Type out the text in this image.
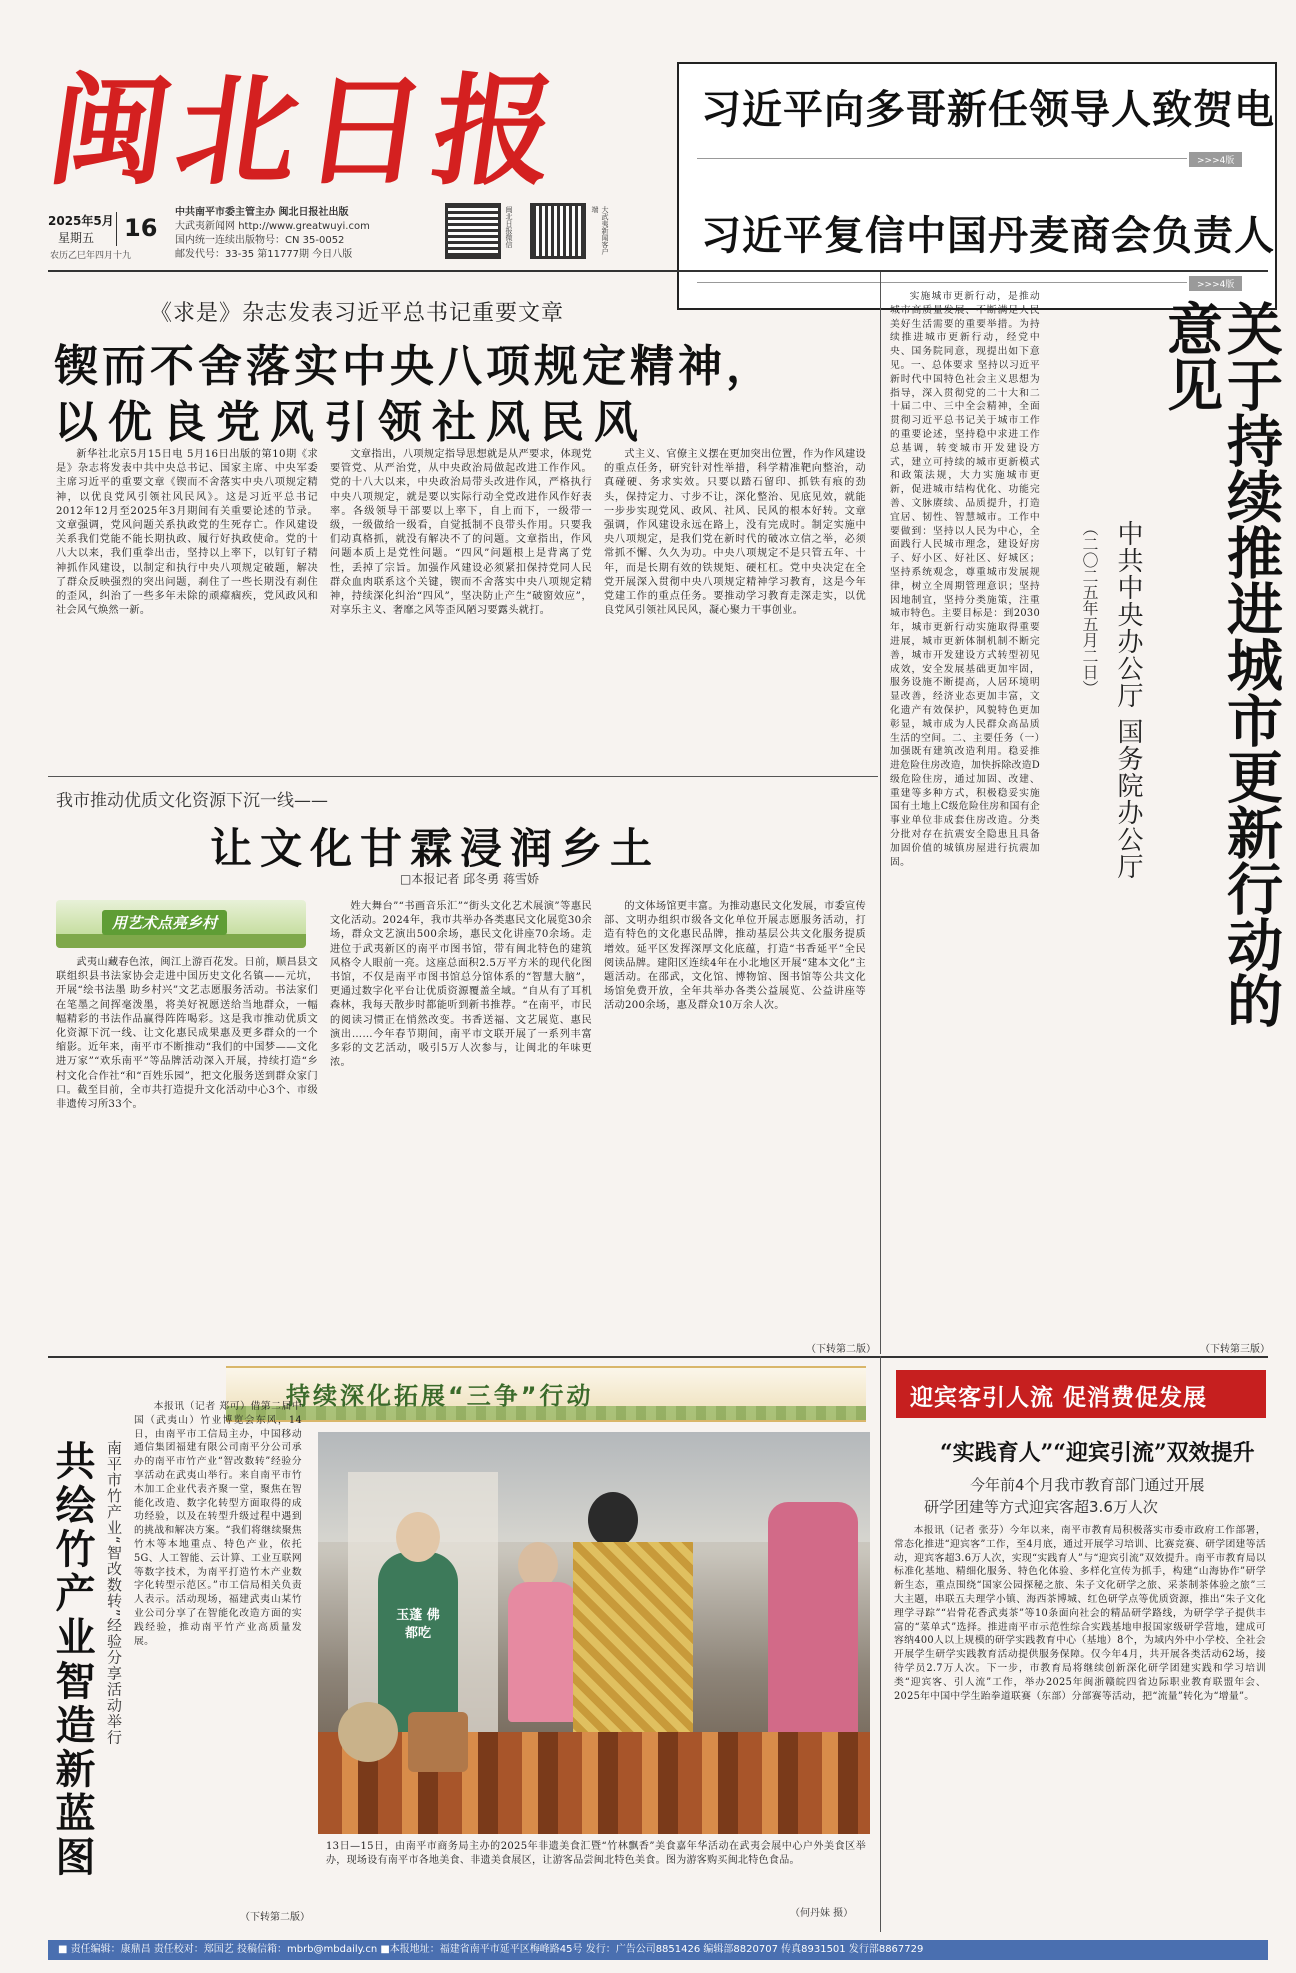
闽北日报
2025年5月
星期五 16
农历乙巳年四月十九
中共南平市委主管主办 闽北日报社出版
大武夷新闻网 http://www.greatwuyi.com
国内统一连续出版物号：CN 35-0052
邮发代号：33-35 第11777期 今日八版
闽北日报微信	大武夷新闻客户端
习近平向多哥新任领导人致贺电
>>>4版
习近平复信中国丹麦商会负责人
>>>4版
《求是》杂志发表习近平总书记重要文章
锲而不舍落实中央八项规定精神，
以优良党风引领社风民风

新华社北京5月15日电 5月16日出版的第10期《求是》杂志将发表中共中央总书记、国家主席、中央军委主席习近平的重要文章《锲而不舍落实中央八项规定精神，以优良党风引领社风民风》。这是习近平总书记2012年12月至2025年3月期间有关重要论述的节录。文章强调，党风问题关系执政党的生死存亡。作风建设关系我们党能不能长期执政、履行好执政使命。党的十八大以来，我们重拳出击，坚持以上率下，以钉钉子精神抓作风建设，以制定和执行中央八项规定破题，解决了群众反映强烈的突出问题，刹住了一些长期没有刹住的歪风，纠治了一些多年未除的顽瘴痼疾，党风政风和社会风气焕然一新。

文章指出，八项规定指导思想就是从严要求，体现党要管党、从严治党，从中央政治局做起改进工作作风。党的十八大以来，中央政治局带头改进作风，严格执行中央八项规定，就是要以实际行动全党改进作风作好表率。各级领导干部要以上率下，自上而下，一级带一级，一级做给一级看，自觉抵制不良带头作用。只要我们动真格抓，就没有解决不了的问题。文章指出，作风问题本质上是党性问题。“四风”问题根上是背离了党性，丢掉了宗旨。加强作风建设必须紧扣保持党同人民群众血肉联系这个关键，锲而不舍落实中央八项规定精神，持续深化纠治“四风”，坚决防止产生“破窗效应”，对享乐主义、奢靡之风等歪风陋习要露头就打。

式主义、官僚主义摆在更加突出位置，作为作风建设的重点任务，研究针对性举措，科学精准靶向整治，动真碰硬、务求实效。只要以踏石留印、抓铁有痕的劲头，保持定力、寸步不让，深化整治、见底见效，就能一步步实现党风、政风、社风、民风的根本好转。文章强调，作风建设永远在路上，没有完成时。制定实施中央八项规定，是我们党在新时代的破冰立信之举，必须常抓不懈、久久为功。中央八项规定不是只管五年、十年，而是长期有效的铁规矩、硬杠杠。党中央决定在全党开展深入贯彻中央八项规定精神学习教育，这是今年党建工作的重点任务。要推动学习教育走深走实，以优良党风引领社风民风，凝心聚力干事创业。

我市推动优质文化资源下沉一线——
让文化甘霖浸润乡土
□本报记者 邱冬勇 蒋雪娇
用艺术点亮乡村

武夷山藏春色浓，闽江上游百花发。日前，顺昌县文联组织县书法家协会走进中国历史文化名镇——元坑，开展“绘书法墨 助乡村兴”文艺志愿服务活动。书法家们在笔墨之间挥毫泼墨，将美好祝愿送给当地群众，一幅幅精彩的书法作品赢得阵阵喝彩。这是我市推动优质文化资源下沉一线、让文化惠民成果惠及更多群众的一个缩影。近年来，南平市不断推动“我们的中国梦——文化进万家”“欢乐南平”等品牌活动深入开展，持续打造“乡村文化合作社“和“百姓乐园”，把文化服务送到群众家门口。截至目前，全市共打造提升文化活动中心3个、市级非遗传习所33个。

姓大舞台”“书画音乐汇”“街头文化艺术展演”等惠民文化活动。2024年，我市共举办各类惠民文化展览30余场，群众文艺演出500余场，惠民文化讲座70余场。走进位于武夷新区的南平市图书馆，带有闽北特色的建筑风格令人眼前一亮。这座总面积2.5万平方米的现代化图书馆，不仅是南平市图书馆总分馆体系的“智慧大脑”，更通过数字化平台让优质资源覆盖全域。“自从有了耳机森林，我每天散步时都能听到新书推荐。“在南平，市民的阅读习惯正在悄然改变。书香送福、文艺展览、惠民演出……今年春节期间，南平市文联开展了一系列丰富多彩的文艺活动，吸引5万人次参与，让闽北的年味更浓。

的文体场馆更丰富。为推动惠民文化发展，市委宣传部、文明办组织市级各文化单位开展志愿服务活动，打造有特色的文化惠民品牌，推动基层公共文化服务提质增效。延平区发挥深厚文化底蕴，打造“书香延平”全民阅读品牌。建阳区连续4年在小北地区开展“建本文化”主题活动。在邵武，文化馆、博物馆、图书馆等公共文化场馆免费开放，全年共举办各类公益展览、公益讲座等活动200余场，惠及群众10万余人次。

（下转第二版）

实施城市更新行动，是推动城市高质量发展、不断满足人民美好生活需要的重要举措。为持续推进城市更新行动，经党中央、国务院同意，现提出如下意见。一、总体要求 坚持以习近平新时代中国特色社会主义思想为指导，深入贯彻党的二十大和二十届二中、三中全会精神，全面贯彻习近平总书记关于城市工作的重要论述，坚持稳中求进工作总基调，转变城市开发建设方式，建立可持续的城市更新模式和政策法规，大力实施城市更新，促进城市结构优化、功能完善、文脉赓续、品质提升，打造宜居、韧性、智慧城市。工作中要做到：坚持以人民为中心，全面践行人民城市理念，建设好房子、好小区、好社区、好城区；坚持系统观念，尊重城市发展规律，树立全周期管理意识；坚持因地制宜，坚持分类施策，注重城市特色。主要目标是：到2030年，城市更新行动实施取得重要进展，城市更新体制机制不断完善，城市开发建设方式转型初见成效，安全发展基础更加牢固，服务设施不断提高，人居环境明显改善，经济业态更加丰富，文化遗产有效保护，风貌特色更加彰显，城市成为人民群众高品质生活的空间。二、主要任务（一）加强既有建筑改造利用。稳妥推进危险住房改造，加快拆除改造D级危险住房，通过加固、改建、重建等多种方式，积极稳妥实施国有土地上C级危险住房和国有企事业单位非成套住房改造。分类分批对存在抗震安全隐患且具备加固价值的城镇房屋进行抗震加固。	关于持续推进城市更新行动的意见
中共中央办公厅 国务院办公厅
（二〇二五年五月二日）
（下转第三版）
持续深化拓展“三争”行动
共绘竹产业智造新蓝图 南平市竹产业“智改数转”经验分享活动举行

本报讯（记者 郑可）借第二届中国（武夷山）竹业博览会东风，14日，由南平市工信局主办，中国移动通信集团福建有限公司南平分公司承办的南平市竹产业“智改数转”经验分享活动在武夷山举行。来自南平市竹木加工企业代表齐聚一堂，聚焦在智能化改造、数字化转型方面取得的成功经验，以及在转型升级过程中遇到的挑战和解决方案。“我们将继续聚焦竹木等本地重点、特色产业，依托5G、人工智能、云计算、工业互联网等数字技术，为南平打造竹木产业数字化转型示范区。”市工信局相关负责人表示。活动现场，福建武夷山某竹业公司分享了在智能化改造方面的实践经验，推动南平竹产业高质量发展。

（下转第二版）
玉蓬 佛都吃

13日—15日，由南平市商务局主办的2025年非遗美食汇暨“竹林飘香”美食嘉年华活动在武夷会展中心户外美食区举办，现场设有南平市各地美食、非遗美食展区，让游客品尝闽北特色美食。图为游客购买闽北特色食品。

（何丹妹 摄）
迎宾客引人流 促消费促发展
“实践育人”“迎宾引流”双效提升
今年前4个月我市教育部门通过开展
研学团建等方式迎宾客超3.6万人次

本报讯（记者 张芬）今年以来，南平市教育局积极落实市委市政府工作部署，常态化推进“迎宾客”工作，至4月底，通过开展学习培训、比赛竞赛、研学团建等活动，迎宾客超3.6万人次，实现“实践育人”与“迎宾引流”双效提升。南平市教育局以标准化基地、精细化服务、特色化体验、多样化宣传为抓手，构建“山海协作”研学新生态，重点围绕“国家公园探秘之旅、朱子文化研学之旅、采茶制茶体验之旅”三大主题，串联五夫理学小镇、海西茶博城、红色研学点等优质资源，推出“朱子文化理学寻踪”“岩骨花香武夷茶”等10条面向社会的精品研学路线，为研学学子提供丰富的“菜单式”选择。推进南平市示范性综合实践基地申报国家级研学营地，建成可容纳400人以上规模的研学实践教育中心（基地）8个，为域内外中小学校、全社会开展学生研学实践教育活动提供服务保障。仅今年4月，共开展各类活动62场，接待学员2.7万人次。下一步，市教育局将继续创新深化研学团建实践和学习培训类“迎宾客、引人流”工作，举办2025年闽浙赣皖四省边际职业教育联盟年会、2025年中国中学生跆拳道联赛（东部）分部赛等活动，把“流量”转化为“增量”。

■ 责任编辑：康鼎昌 责任校对：郑国艺 投稿信箱：mbrb@mbdaily.cn ■本报地址：福建省南平市延平区梅峰路45号 发行：广告公司8851426 编辑部8820707 传真8931501 发行部8867729
